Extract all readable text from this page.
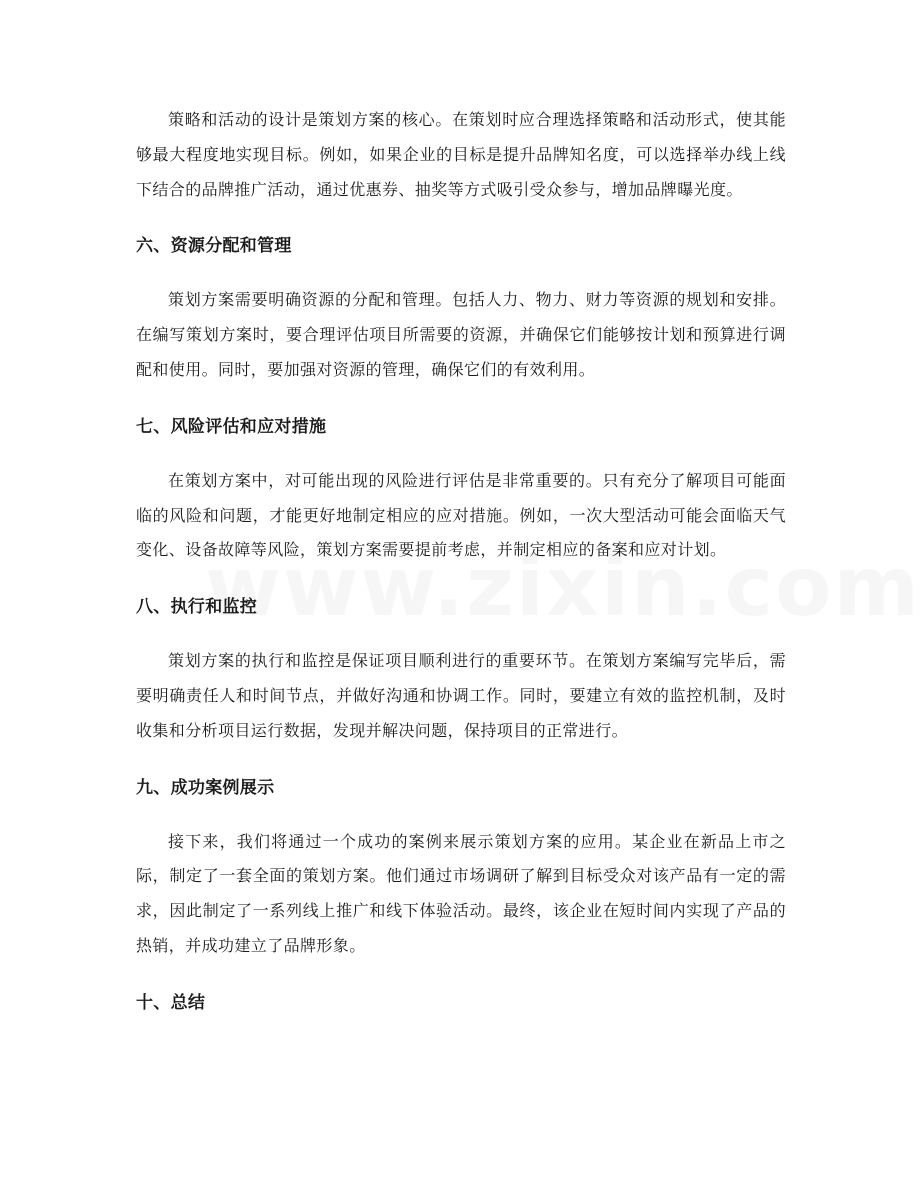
策略和活动的设计是策划方案的核心。在策划时应合理选择策略和活动形式，使其能够最大程度地实现目标。例如，如果企业的目标是提升品牌知名度，可以选择举办线上线下结合的品牌推广活动，通过优惠券、抽奖等方式吸引受众参与，增加品牌曝光度。

六、资源分配和管理

策划方案需要明确资源的分配和管理。包括人力、物力、财力等资源的规划和安排。在编写策划方案时，要合理评估项目所需要的资源，并确保它们能够按计划和预算进行调配和使用。同时，要加强对资源的管理，确保它们的有效利用。

七、风险评估和应对措施

在策划方案中，对可能出现的风险进行评估是非常重要的。只有充分了解项目可能面临的风险和问题，才能更好地制定相应的应对措施。例如，一次大型活动可能会面临天气变化、设备故障等风险，策划方案需要提前考虑，并制定相应的备案和应对计划。

八、执行和监控

策划方案的执行和监控是保证项目顺利进行的重要环节。在策划方案编写完毕后，需要明确责任人和时间节点，并做好沟通和协调工作。同时，要建立有效的监控机制，及时收集和分析项目运行数据，发现并解决问题，保持项目的正常进行。

九、成功案例展示

接下来，我们将通过一个成功的案例来展示策划方案的应用。某企业在新品上市之际，制定了一套全面的策划方案。他们通过市场调研了解到目标受众对该产品有一定的需求，因此制定了一系列线上推广和线下体验活动。最终，该企业在短时间内实现了产品的热销，并成功建立了品牌形象。

十、总结
